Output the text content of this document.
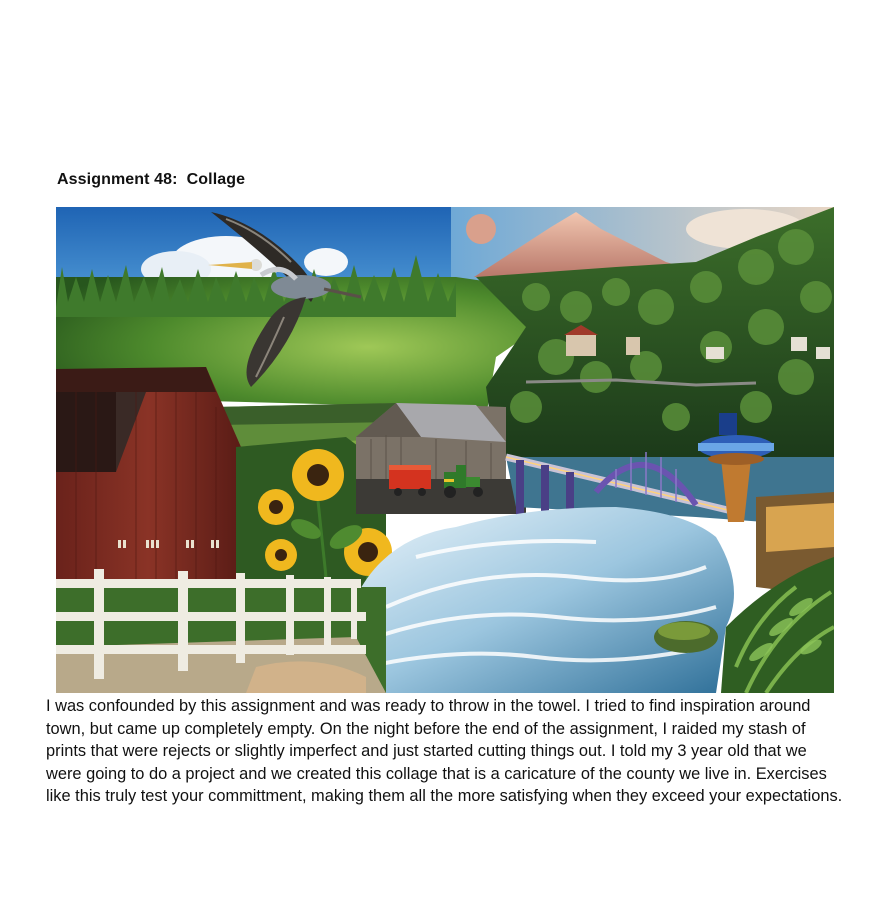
Assignment 48:  Collage

I was confounded by this assignment and was ready to throw in the towel. I tried to find inspiration around town, but came up completely empty. On the night before the end of the assignment, I raided my stash of prints that were rejects or slightly imperfect and just started cutting things out. I told my 3 year old that we were going to do a project and we created this collage that is a caricature of the county we live in. Exercises like this truly test your committment, making them all the more satisfying when they exceed your expectations.
